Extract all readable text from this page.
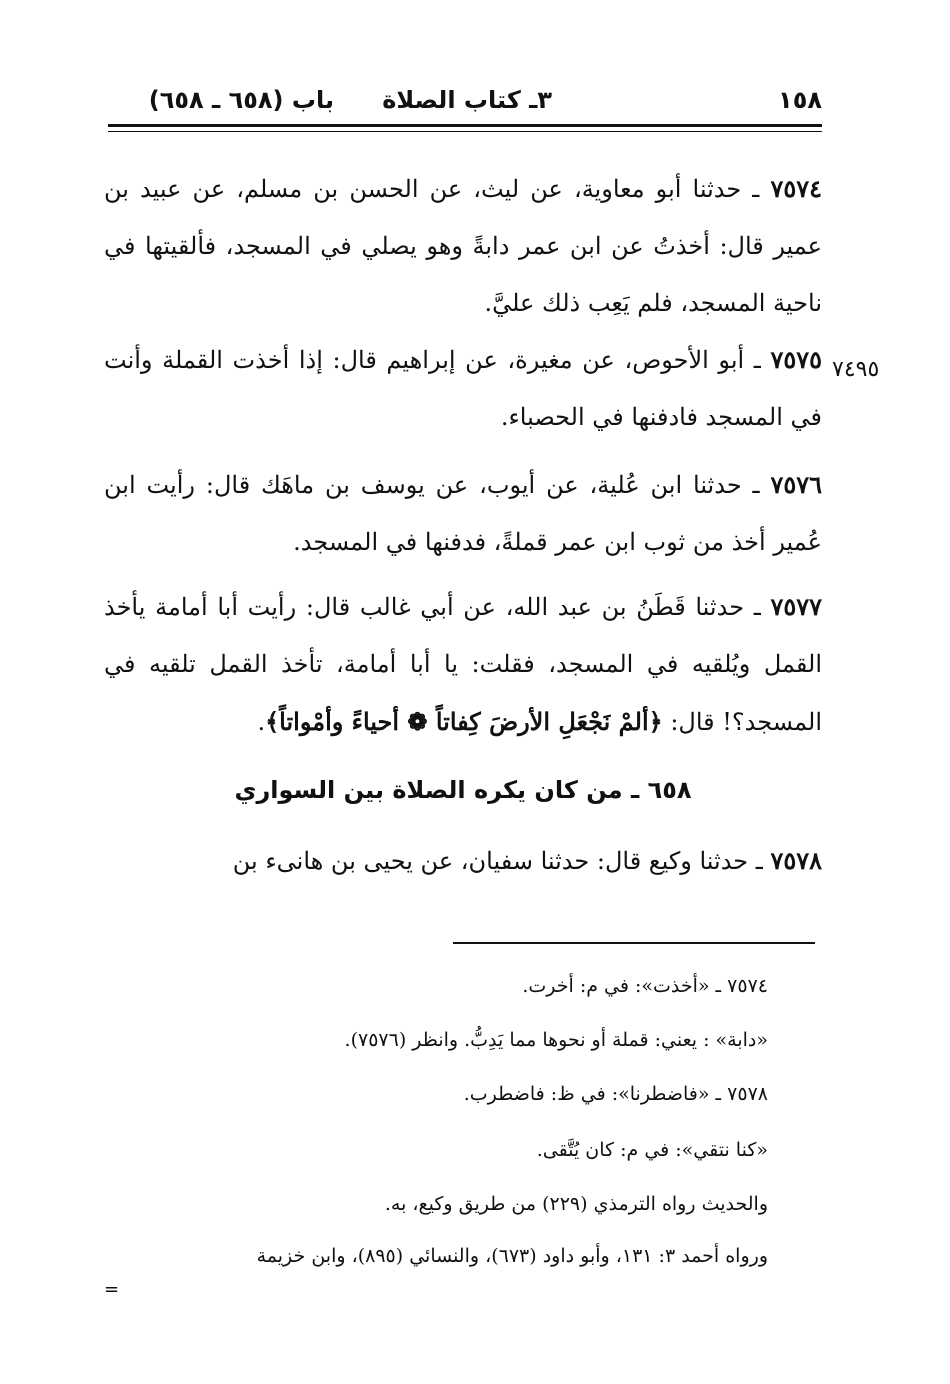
١٥٨
٣ـ كتاب الصلاة
باب (٦٥٨ ـ ٦٥٨)
٧٥٧٤ ـ حدثنا أبو معاوية، عن ليث، عن الحسن بن مسلم، عن عبيد بن عمير قال: أخذتُ عن ابن عمر دابةً وهو يصلي في المسجد، فألقيتها في ناحية المسجد، فلم يَعِب ذلك عليَّ.
٧٤٩٥
٧٥٧٥ ـ أبو الأحوص، عن مغيرة، عن إبراهيم قال: إذا أخذت القملة وأنت في المسجد فادفنها في الحصباء.
٧٥٧٦ ـ حدثنا ابن عُلية، عن أيوب، عن يوسف بن ماهَك قال: رأيت ابن عُمير أخذ من ثوب ابن عمر قملةً، فدفنها في المسجد.
٧٥٧٧ ـ حدثنا قَطَنُ بن عبد الله، عن أبي غالب قال: رأيت أبا أمامة يأخذ القمل ويُلقيه في المسجد، فقلت: يا أبا أمامة، تأخذ القمل تلقيه في المسجد؟! قال: ﴿ألمْ نَجْعَلِ الأرضَ كِفاتاً ❁ أحياءً وأمْواتاً﴾.
٦٥٨ ـ من كان يكره الصلاة بين السواري
٧٥٧٨ ـ حدثنا وكيع قال: حدثنا سفيان، عن يحيى بن هانىء بن
٧٥٧٤ ـ «أخذت»: في م: أخرت.
«دابة» : يعني: قملة أو نحوها مما يَدِبُّ. وانظر (٧٥٧٦).
٧٥٧٨ ـ «فاضطرنا»: في ظ: فاضطرب.
«كنا نتقي»: في م: كان يُتَّقى.
والحديث رواه الترمذي (٢٢٩) من طريق وكيع، به.
ورواه أحمد ٣: ١٣١، وأبو داود (٦٧٣)، والنسائي (٨٩٥)، وابن خزيمة
=
